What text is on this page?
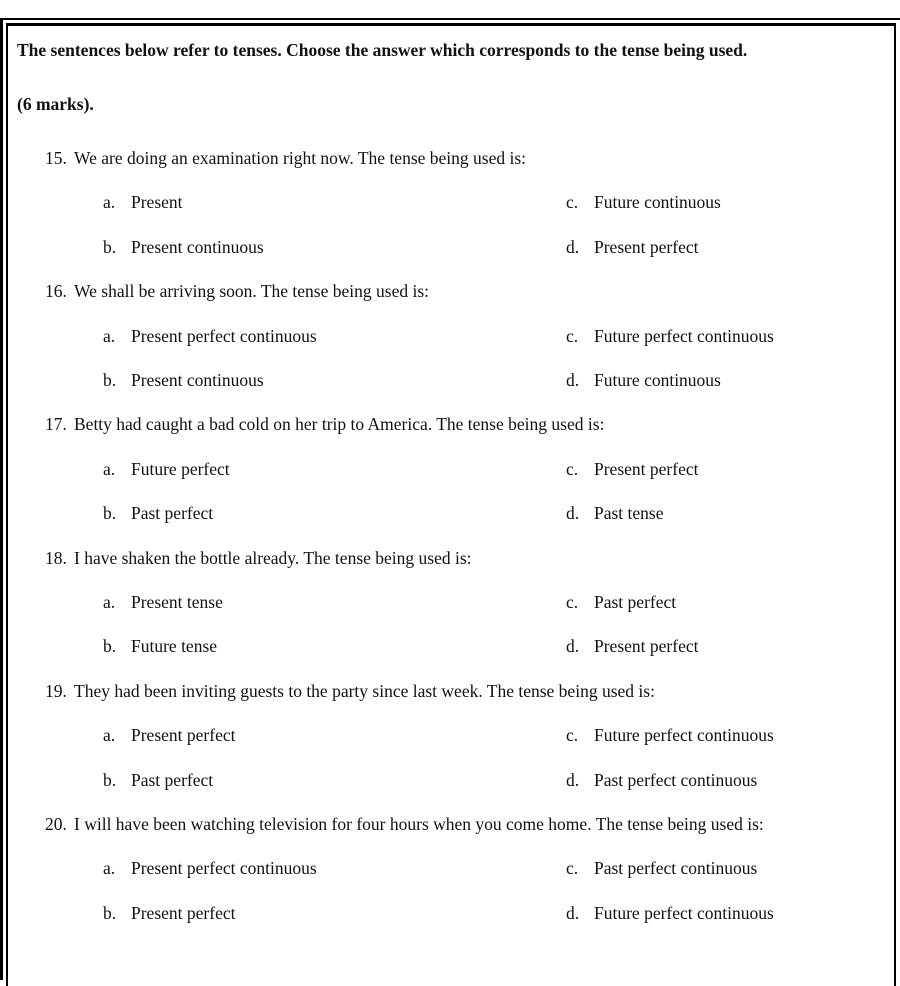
The sentences below refer to tenses. Choose the answer which corresponds to the tense being used.
(6 marks).
15. We are doing an examination right now. The tense being used is:
a. Present
b. Present continuous
c. Future continuous
d. Present perfect
16. We shall be arriving soon. The tense being used is:
a. Present perfect continuous
b. Present continuous
c. Future perfect continuous
d. Future continuous
17. Betty had caught a bad cold on her trip to America. The tense being used is:
a. Future perfect
b. Past perfect
c. Present perfect
d. Past tense
18. I have shaken the bottle already. The tense being used is:
a. Present tense
b. Future tense
c. Past perfect
d. Present perfect
19. They had been inviting guests to the party since last week. The tense being used is:
a. Present perfect
b. Past perfect
c. Future perfect continuous
d. Past perfect continuous
20. I will have been watching television for four hours when you come home. The tense being used is:
a. Present perfect continuous
b. Present perfect
c. Past perfect continuous
d. Future perfect continuous
